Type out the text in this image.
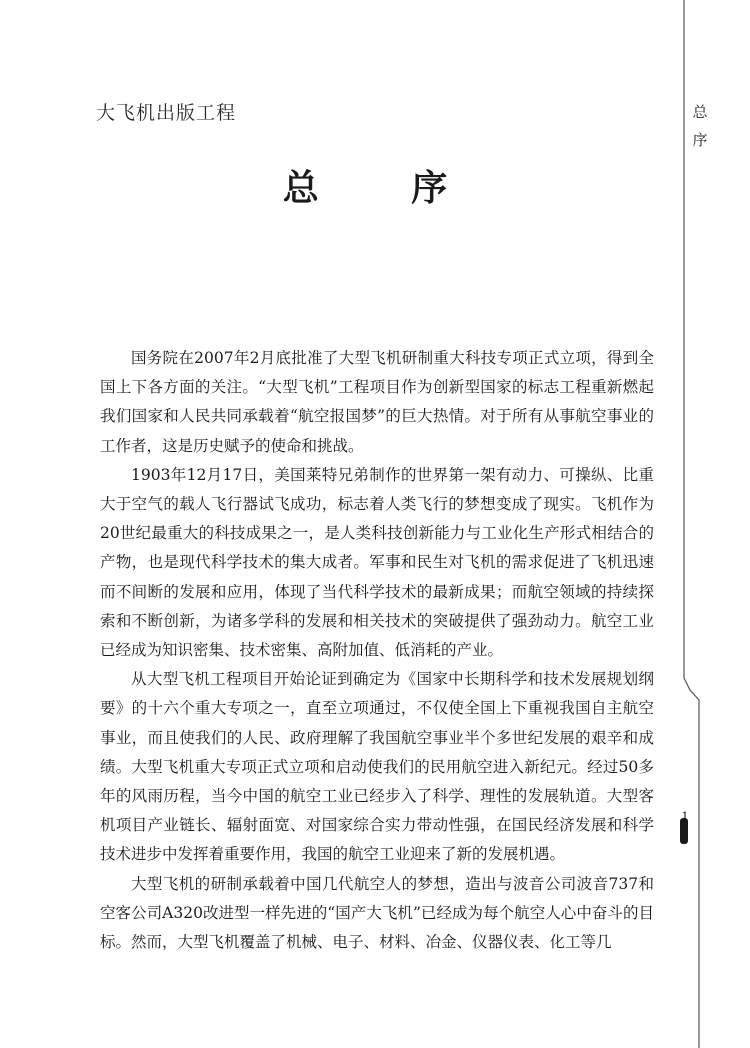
大飞机出版工程
总 序

国务院在2007年2月底批准了大型飞机研制重大科技专项正式立项，得到全国上下各方面的关注。“大型飞机”工程项目作为创新型国家的标志工程重新燃起我们国家和人民共同承载着“航空报国梦”的巨大热情。对于所有从事航空事业的工作者，这是历史赋予的使命和挑战。

1903年12月17日，美国莱特兄弟制作的世界第一架有动力、可操纵、比重大于空气的载人飞行器试飞成功，标志着人类飞行的梦想变成了现实。飞机作为20世纪最重大的科技成果之一，是人类科技创新能力与工业化生产形式相结合的产物，也是现代科学技术的集大成者。军事和民生对飞机的需求促进了飞机迅速而不间断的发展和应用，体现了当代科学技术的最新成果；而航空领域的持续探索和不断创新，为诸多学科的发展和相关技术的突破提供了强劲动力。航空工业已经成为知识密集、技术密集、高附加值、低消耗的产业。

从大型飞机工程项目开始论证到确定为《国家中长期科学和技术发展规划纲要》的十六个重大专项之一，直至立项通过，不仅使全国上下重视我国自主航空事业，而且使我们的人民、政府理解了我国航空事业半个多世纪发展的艰辛和成绩。大型飞机重大专项正式立项和启动使我们的民用航空进入新纪元。经过50多年的风雨历程，当今中国的航空工业已经步入了科学、理性的发展轨道。大型客机项目产业链长、辐射面宽、对国家综合实力带动性强，在国民经济发展和科学技术进步中发挥着重要作用，我国的航空工业迎来了新的发展机遇。

大型飞机的研制承载着中国几代航空人的梦想，造出与波音公司波音737和空客公司A320改进型一样先进的“国产大飞机”已经成为每个航空人心中奋斗的目标。然而，大型飞机覆盖了机械、电子、材料、冶金、仪器仪表、化工等几

总
序
1
